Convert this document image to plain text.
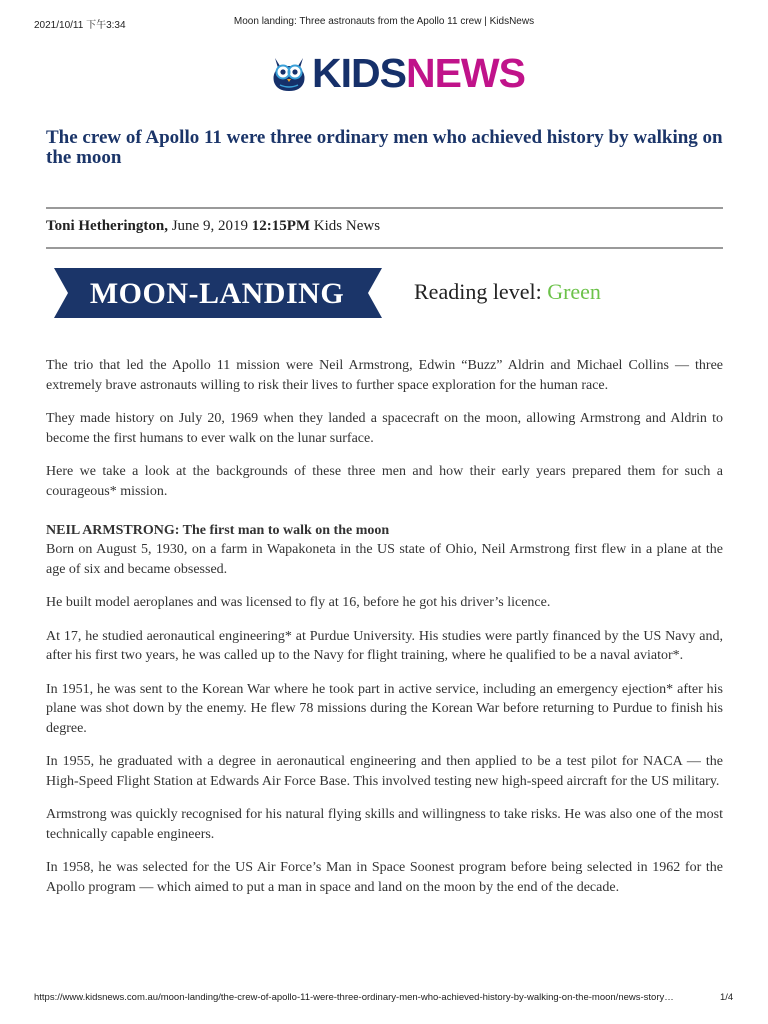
2021/10/11 下午3:34	Moon landing: Three astronauts from the Apollo 11 crew | KidsNews
KIDSNEWS
The crew of Apollo 11 were three ordinary men who achieved history by walking on the moon
Toni Hetherington, June 9, 2019 12:15PM Kids News
MOON-LANDING	Reading level: Green

The trio that led the Apollo 11 mission were Neil Armstrong, Edwin “Buzz” Aldrin and Michael Collins — three extremely brave astronauts willing to risk their lives to further space exploration for the human race.

They made history on July 20, 1969 when they landed a spacecraft on the moon, allowing Armstrong and Aldrin to become the first humans to ever walk on the lunar surface.

Here we take a look at the backgrounds of these three men and how their early years prepared them for such a courageous* mission.

NEIL ARMSTRONG: The first man to walk on the moon

Born on August 5, 1930, on a farm in Wapakoneta in the US state of Ohio, Neil Armstrong first flew in a plane at the age of six and became obsessed.

He built model aeroplanes and was licensed to fly at 16, before he got his driver’s licence.

At 17, he studied aeronautical engineering* at Purdue University. His studies were partly financed by the US Navy and, after his first two years, he was called up to the Navy for flight training, where he qualified to be a naval aviator*.

In 1951, he was sent to the Korean War where he took part in active service, including an emergency ejection* after his plane was shot down by the enemy. He flew 78 missions during the Korean War before returning to Purdue to finish his degree.

In 1955, he graduated with a degree in aeronautical engineering and then applied to be a test pilot for NACA — the High-Speed Flight Station at Edwards Air Force Base. This involved testing new high-speed aircraft for the US military.

Armstrong was quickly recognised for his natural flying skills and willingness to take risks. He was also one of the most technically capable engineers.

In 1958, he was selected for the US Air Force’s Man in Space Soonest program before being selected in 1962 for the Apollo program — which aimed to put a man in space and land on the moon by the end of the decade.

https://www.kidsnews.com.au/moon-landing/the-crew-of-apollo-11-were-three-ordinary-men-who-achieved-history-by-walking-on-the-moon/news-story…	1/4
